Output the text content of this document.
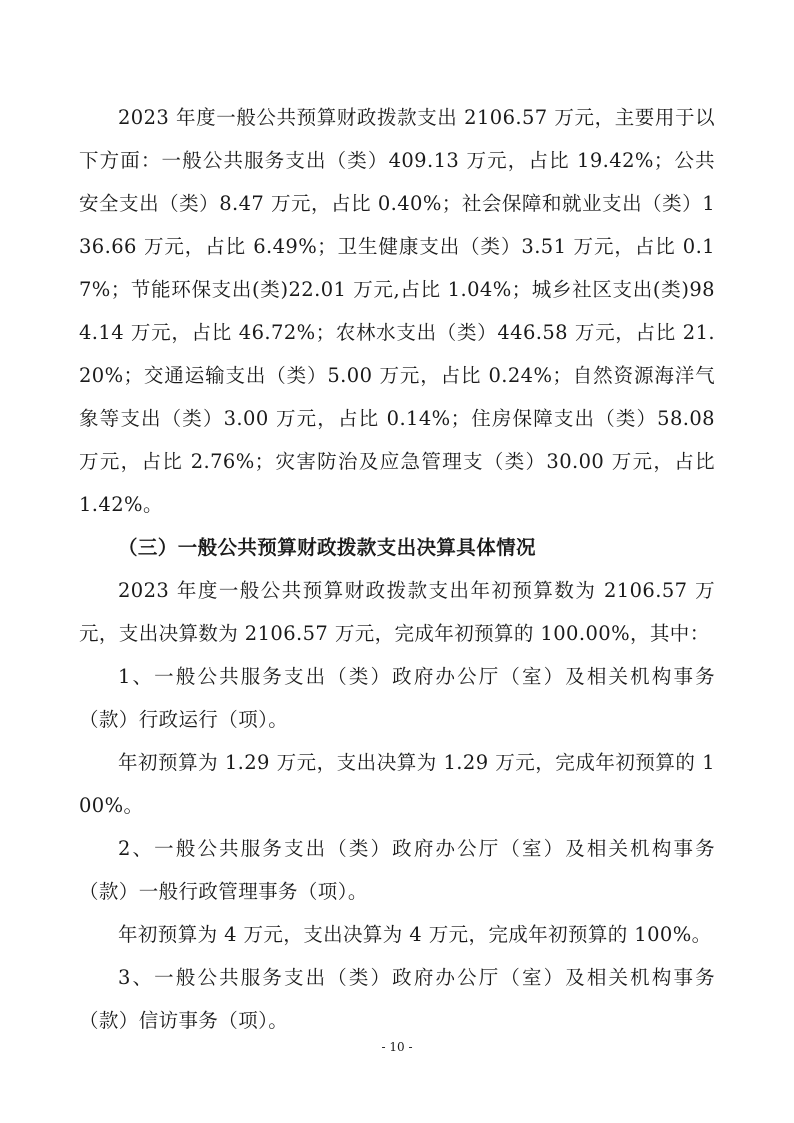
2023 年度一般公共预算财政拨款支出 2106.57 万元，主要用于以下方面：一般公共服务支出（类）409.13 万元，占比 19.42%；公共安全支出（类）8.47 万元，占比 0.40%；社会保障和就业支出（类）136.66 万元，占比 6.49%；卫生健康支出（类）3.51 万元，占比 0.17%；节能环保支出(类)22.01 万元,占比 1.04%；城乡社区支出(类)984.14 万元，占比 46.72%；农林水支出（类）446.58 万元，占比 21.20%；交通运输支出（类）5.00 万元，占比 0.24%；自然资源海洋气象等支出（类）3.00 万元，占比 0.14%；住房保障支出（类）58.08 万元，占比 2.76%；灾害防治及应急管理支（类）30.00 万元，占比 1.42%。

（三）一般公共预算财政拨款支出决算具体情况

2023 年度一般公共预算财政拨款支出年初预算数为 2106.57 万元，支出决算数为 2106.57 万元，完成年初预算的 100.00%，其中：

1、一般公共服务支出（类）政府办公厅（室）及相关机构事务（款）行政运行（项）。

年初预算为 1.29 万元，支出决算为 1.29 万元，完成年初预算的 100%。

2、一般公共服务支出（类）政府办公厅（室）及相关机构事务（款）一般行政管理事务（项）。

年初预算为 4 万元，支出决算为 4 万元，完成年初预算的 100%。

3、一般公共服务支出（类）政府办公厅（室）及相关机构事务（款）信访事务（项）。

- 10 -
